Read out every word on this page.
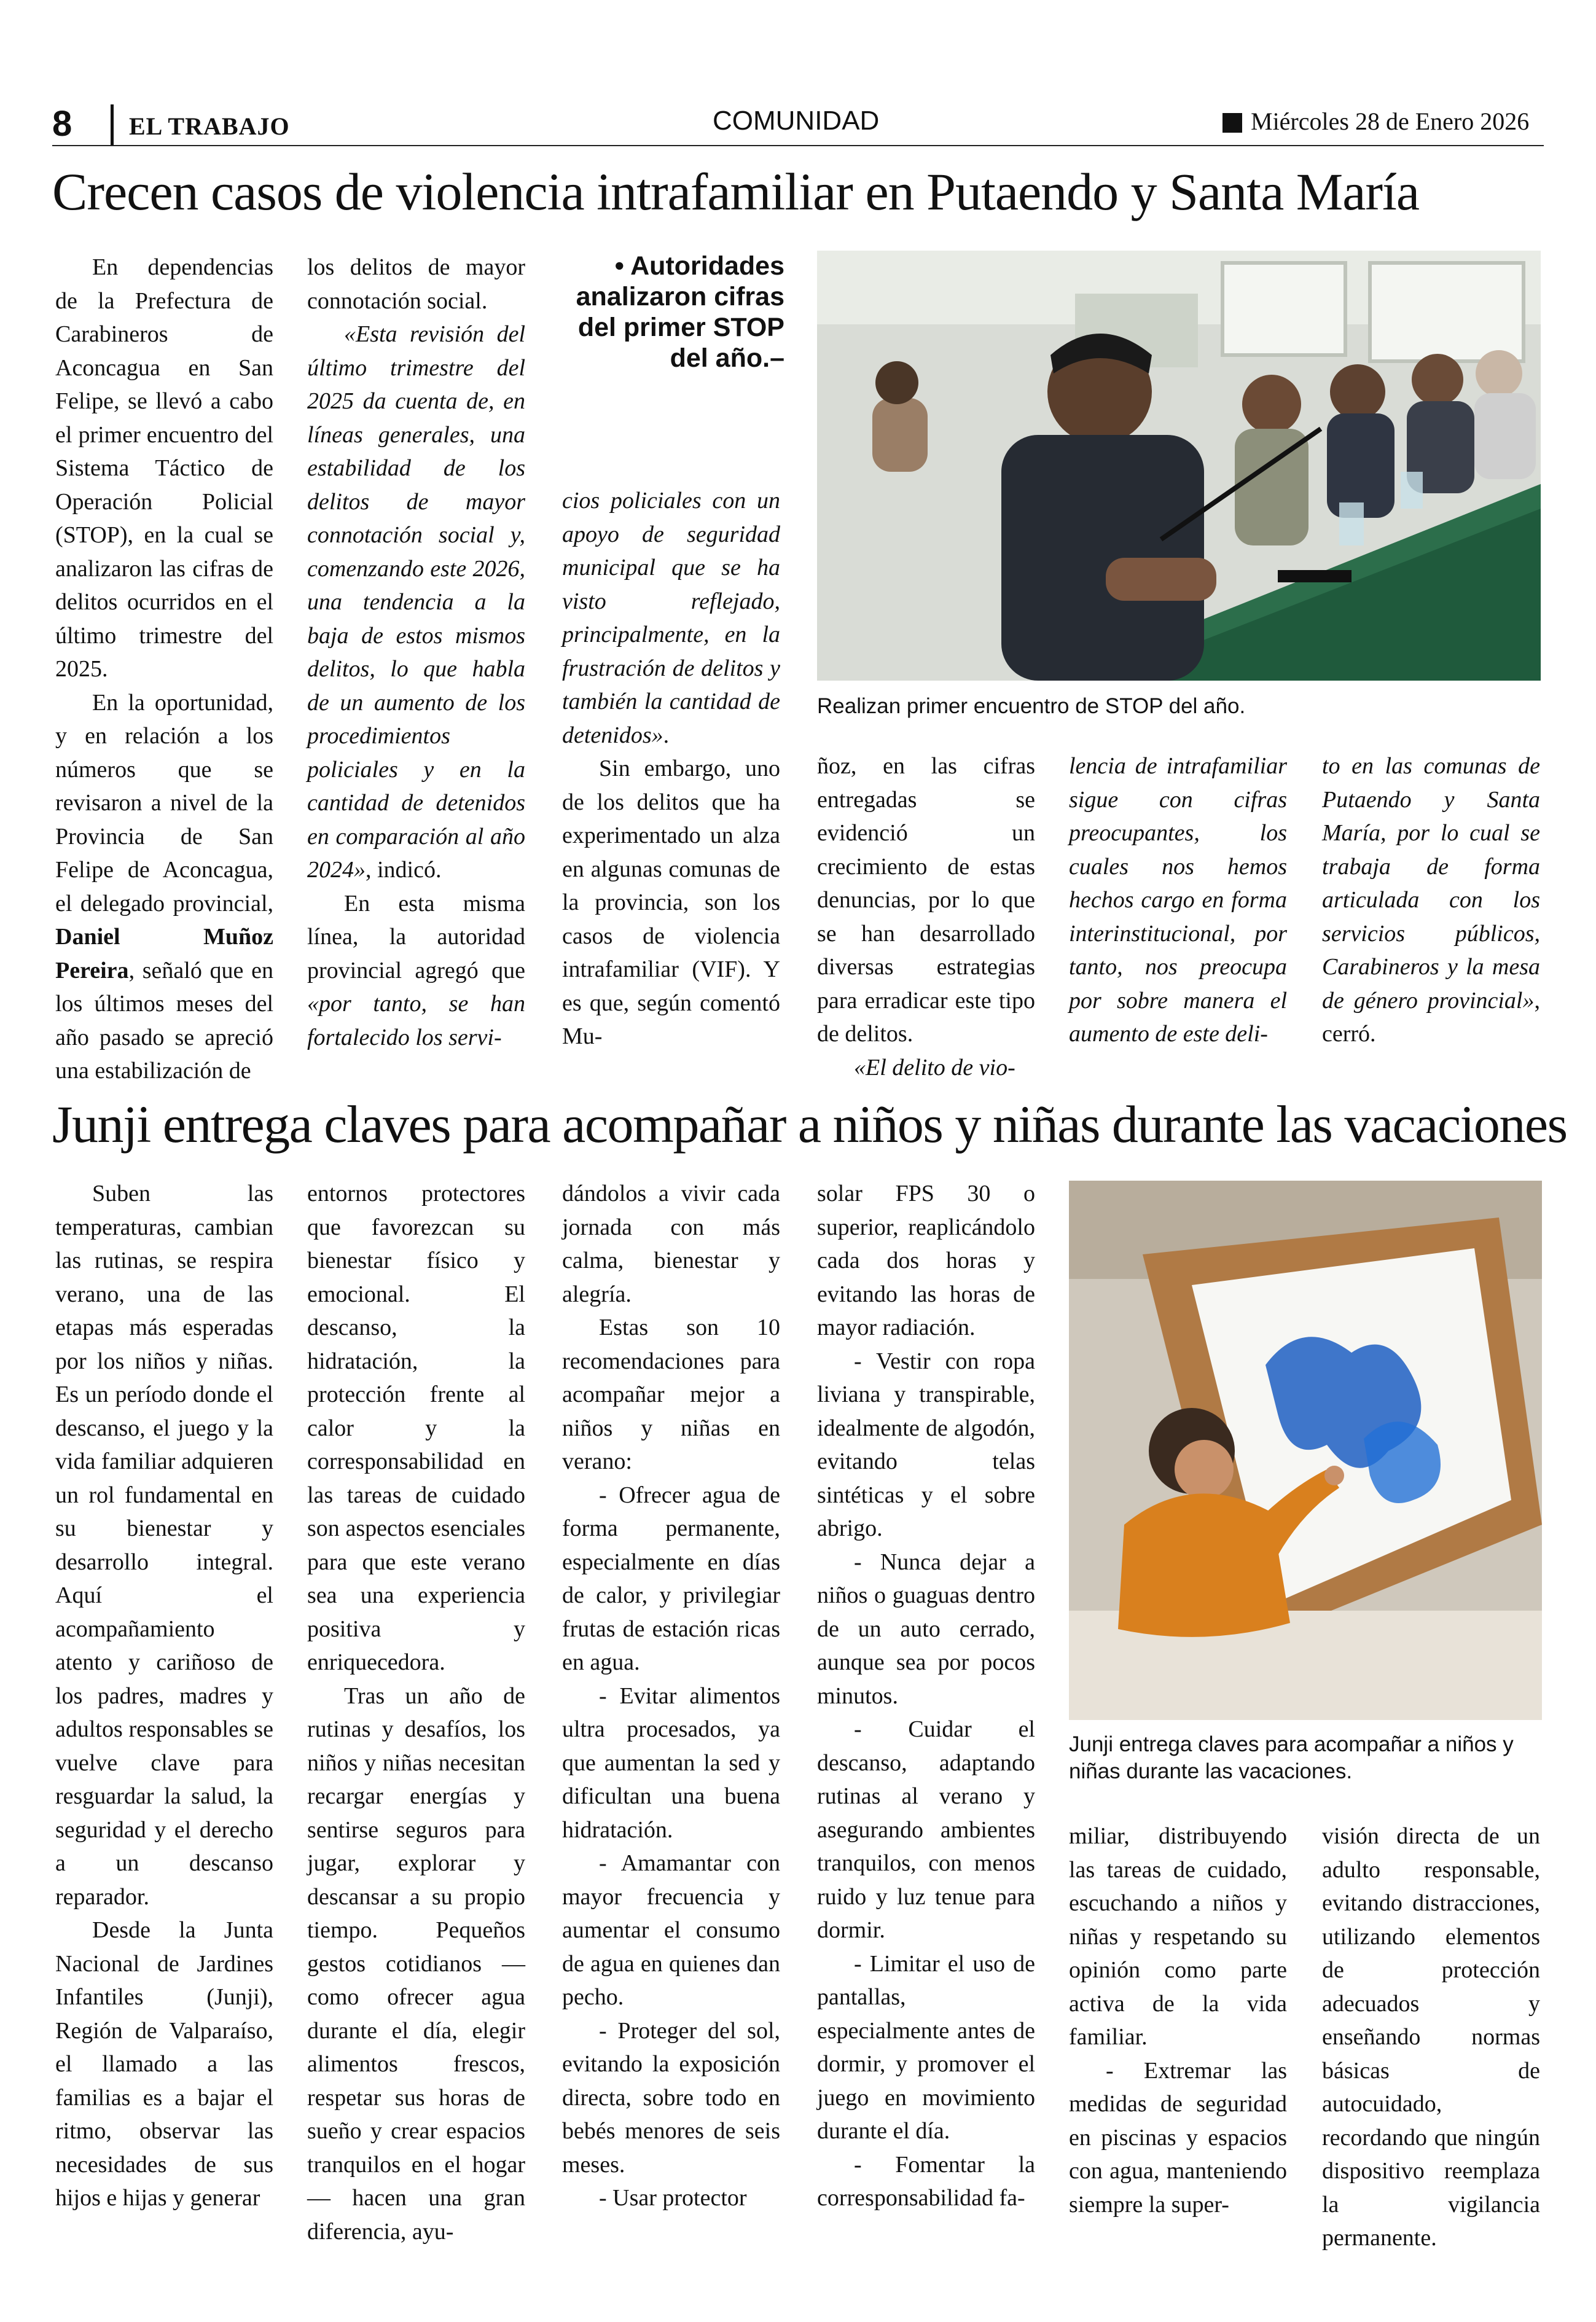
8 EL TRABAJO	COMUNIDAD	Miércoles 28 de Enero 2026
Crecen casos de violencia intrafamiliar en Putaendo y Santa María

En dependencias de la Prefectura de Carabineros de Aconcagua en San Felipe, se llevó a cabo el primer encuentro del Sistema Táctico de Operación Policial (STOP), en la cual se analizaron las cifras de delitos ocurridos en el último trimestre del 2025.

En la oportunidad, y en relación a los números que se revisaron a nivel de la Provincia de San Felipe de Aconcagua, el delegado provincial, Daniel Muñoz Pereira, señaló que en los últimos meses del año pasado se apreció una estabilización de

los delitos de mayor connotación social.

«Esta revisión del último trimestre del 2025 da cuenta de, en líneas generales, una estabilidad de los delitos de mayor connotación social y, comenzando este 2026, una tendencia a la baja de estos mismos delitos, lo que habla de un aumento de los procedimientos policiales y en la cantidad de detenidos en comparación al año 2024», indicó.

En esta misma línea, la autoridad provincial agregó que «por tanto, se han fortalecido los servi-

• Autoridades analizaron cifras del primer STOP del año.–

cios policiales con un apoyo de seguridad municipal que se ha visto reflejado, principalmente, en la frustración de delitos y también la cantidad de detenidos».

Sin embargo, uno de los delitos que ha experimentado un alza en algunas comunas de la provincia, son los casos de violencia intrafamiliar (VIF). Y es que, según comentó Mu-

Realizan primer encuentro de STOP del año.

ñoz, en las cifras entregadas se evidenció un crecimiento de estas denuncias, por lo que se han desarrollado diversas estrategias para erradicar este tipo de delitos.

«El delito de vio-

lencia de intrafamiliar sigue con cifras preocupantes, los cuales nos hemos hechos cargo en forma interinstitucional, por tanto, nos preocupa por sobre manera el aumento de este deli-

to en las comunas de Putaendo y Santa María, por lo cual se trabaja de forma articulada con los servicios públicos, Carabineros y la mesa de género provincial», cerró.

Junji entrega claves para acompañar a niños y niñas durante las vacaciones

Suben las temperaturas, cambian las rutinas, se respira verano, una de las etapas más esperadas por los niños y niñas. Es un período donde el descanso, el juego y la vida familiar adquieren un rol fundamental en su bienestar y desarrollo integral. Aquí el acompañamiento atento y cariñoso de los padres, madres y adultos responsables se vuelve clave para resguardar la salud, la seguridad y el derecho a un descanso reparador.

Desde la Junta Nacional de Jardines Infantiles (Junji), Región de Valparaíso, el llamado a las familias es a bajar el ritmo, observar las necesidades de sus hijos e hijas y generar

entornos protectores que favorezcan su bienestar físico y emocional. El descanso, la hidratación, la protección frente al calor y la corresponsabilidad en las tareas de cuidado son aspectos esenciales para que este verano sea una experiencia positiva y enriquecedora.

Tras un año de rutinas y desafíos, los niños y niñas necesitan recargar energías y sentirse seguros para jugar, explorar y descansar a su propio tiempo. Pequeños gestos cotidianos — como ofrecer agua durante el día, elegir alimentos frescos, respetar sus horas de sueño y crear espacios tranquilos en el hogar— hacen una gran diferencia, ayu-

dándolos a vivir cada jornada con más calma, bienestar y alegría.

Estas son 10 recomendaciones para acompañar mejor a niños y niñas en verano:

- Ofrecer agua de forma permanente, especialmente en días de calor, y privilegiar frutas de estación ricas en agua.

- Evitar alimentos ultra procesados, ya que aumentan la sed y dificultan una buena hidratación.

- Amamantar con mayor frecuencia y aumentar el consumo de agua en quienes dan pecho.

- Proteger del sol, evitando la exposición directa, sobre todo en bebés menores de seis meses.

- Usar protector

solar FPS 30 o superior, reaplicándolo cada dos horas y evitando las horas de mayor radiación.

- Vestir con ropa liviana y transpirable, idealmente de algodón, evitando telas sintéticas y el sobre abrigo.

- Nunca dejar a niños o guaguas dentro de un auto cerrado, aunque sea por pocos minutos.

- Cuidar el descanso, adaptando rutinas al verano y asegurando ambientes tranquilos, con menos ruido y luz tenue para dormir.

- Limitar el uso de pantallas, especialmente antes de dormir, y promover el juego en movimiento durante el día.

- Fomentar la corresponsabilidad fa-

Junji entrega claves para acompañar a niños y niñas durante las vacaciones.

miliar, distribuyendo las tareas de cuidado, escuchando a niños y niñas y respetando su opinión como parte activa de la vida familiar.

- Extremar las medidas de seguridad en piscinas y espacios con agua, manteniendo siempre la super-

visión directa de un adulto responsable, evitando distracciones, utilizando elementos de protección adecuados y enseñando normas básicas de autocuidado, recordando que ningún dispositivo reemplaza la vigilancia permanente.
